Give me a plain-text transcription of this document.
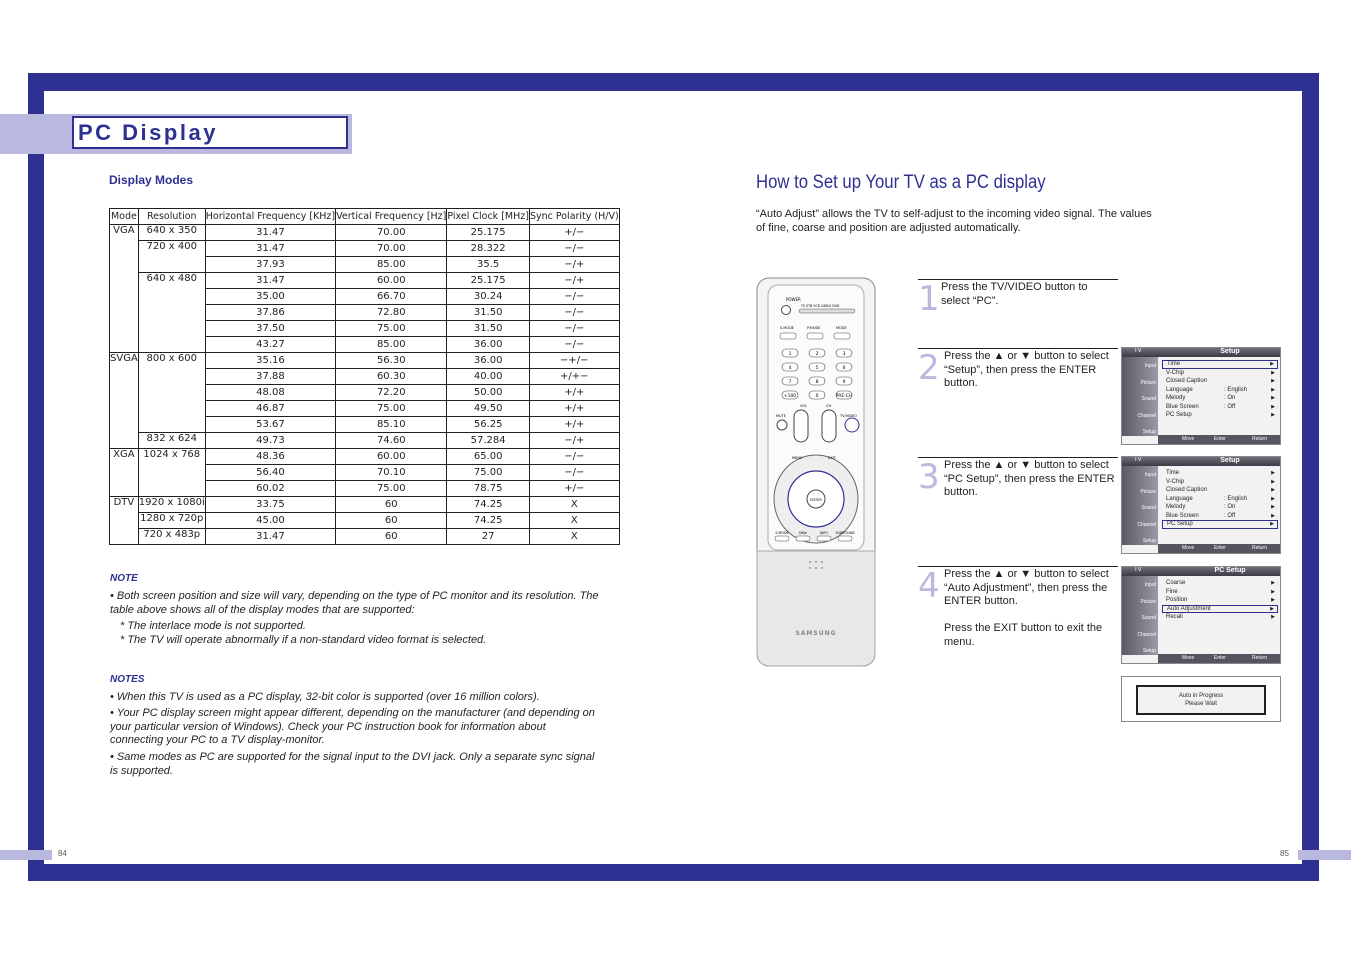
PC Display
Display Modes
Mode	Resolution	Horizontal Frequency [KHz]	Vertical Frequency [Hz]	Pixel Clock [MHz]	Sync Polarity (H/V)
VGA	640 x 350	31.47	70.00	25.175	+/−
	720 x 400	31.47	70.00	28.322	−/−
		37.93	85.00	35.5	−/+
	640 x 480	31.47	60.00	25.175	−/+
		35.00	66.70	30.24	−/−
		37.86	72.80	31.50	−/−
		37.50	75.00	31.50	−/−
		43.27	85.00	36.00	−/−
SVGA	800 x 600	35.16	56.30	36.00	−+/−
		37.88	60.30	40.00	+/+−
		48.08	72.20	50.00	+/+
		46.87	75.00	49.50	+/+
		53.67	85.10	56.25	+/+
	832 x 624	49.73	74.60	57.284	−/+
XGA	1024 x 768	48.36	60.00	65.00	−/−
		56.40	70.10	75.00	−/−
		60.02	75.00	78.75	+/−
DTV	1920 x 1080i	33.75	60	74.25	X
	1280 x 720p	45.00	60	74.25	X
	720 x 483p	31.47	60	27	X
NOTE
• Both screen position and size will vary, depending on the type of PC monitor and its resolution. The table above shows all of the display modes that are supported:
* The interlace mode is not supported.
* The TV will operate abnormally if a non-standard video format is selected.
NOTES
• When this TV is used as a PC display, 32-bit color is supported (over 16 million colors).
• Your PC display screen might appear different, depending on the manufacturer (and depending on your particular version of Windows). Check your PC instruction book for information about connecting your PC to a TV display-monitor.
• Same modes as PC are supported for the signal input to the DVI jack. Only a separate sync signal is supported.
How to Set up Your TV as a PC display
“Auto Adjust” allows the TV to self-adjust to the incoming video signal. The values of fine, coarse and position are adjusted automatically.
POWER
TV STB VCR CABLE DVD
S.MODE	P.MODE	MODE
1	2	3
4	5	6
7	8	9
+100	0	PRE-CH
MUTE
VOL	CH
TV/VIDEO
ENTER
MENU	EXIT
S.MODE	DNIe	INFO SURROUND
SAMSUNG
1 Press the TV/VIDEO button to select “PC”.
2 Press the ▲ or ▼ button to select “Setup”, then press the ENTER button.
3 Press the ▲ or ▼ button to select “PC Setup”, then press the ENTER button.
4 Press the ▲ or ▼ button to select “Auto Adjustment”, then press the ENTER button.
Press the EXIT button to exit the menu.
TV	Setup
Input
Picture
Sound
Channel
Setup
Time	▶
V-Chip	▶
Closed Caption	▶
Language	: English	▶
Melody	: On	▶
Blue Screen	: Off	▶
PC Setup	▶
Move	Enter	Return
TV	Setup
Input
Picture
Sound
Channel
Setup
Time	▶
V-Chip	▶
Closed Caption	▶
Language	: English	▶
Melody	: On	▶
Blue Screen	: Off	▶
PC Setup	▶
Move	Enter	Return
TV	PC Setup
Input
Picture
Sound
Channel
Setup
Coarse	▶
Fine	▶
Position	▶
Auto Adjustment	▶
Recall	▶
Move	Enter	Return
Auto in Progress
Please Wait
84	85
